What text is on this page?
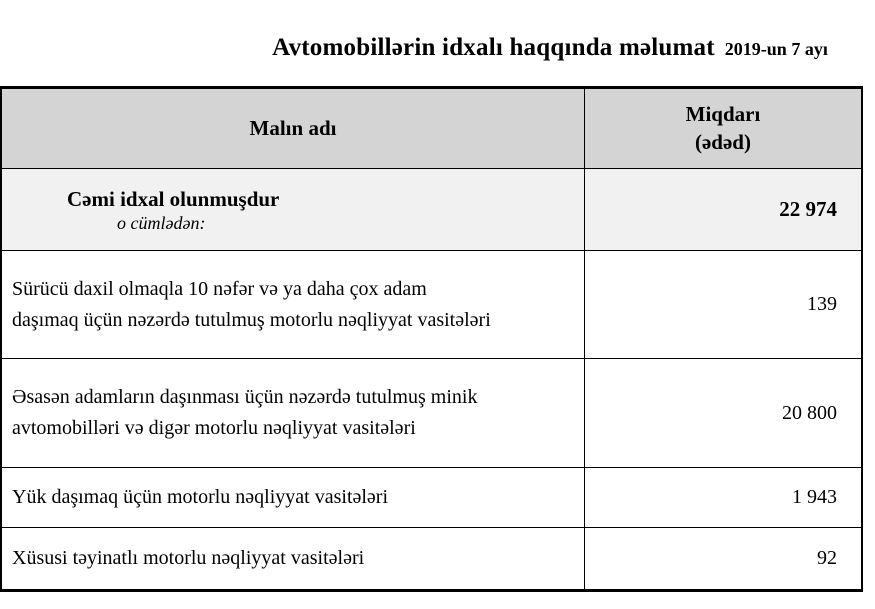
Avtomobillərin idxalı haqqında məlumat 2019-un 7 ayı
Malın adı
Miqdarı
(ədəd)
Cəmi idxal olunmuşdur
o cümlədən:
22 974
Sürücü daxil olmaqla 10 nəfər və ya daha çox adam
daşımaq üçün nəzərdə tutulmuş motorlu nəqliyyat vasitələri
139
Əsasən adamların daşınması üçün nəzərdə tutulmuş minik
avtomobilləri və digər motorlu nəqliyyat vasitələri
20 800
Yük daşımaq üçün motorlu nəqliyyat vasitələri	1 943
Xüsusi təyinatlı motorlu nəqliyyat vasitələri	92
